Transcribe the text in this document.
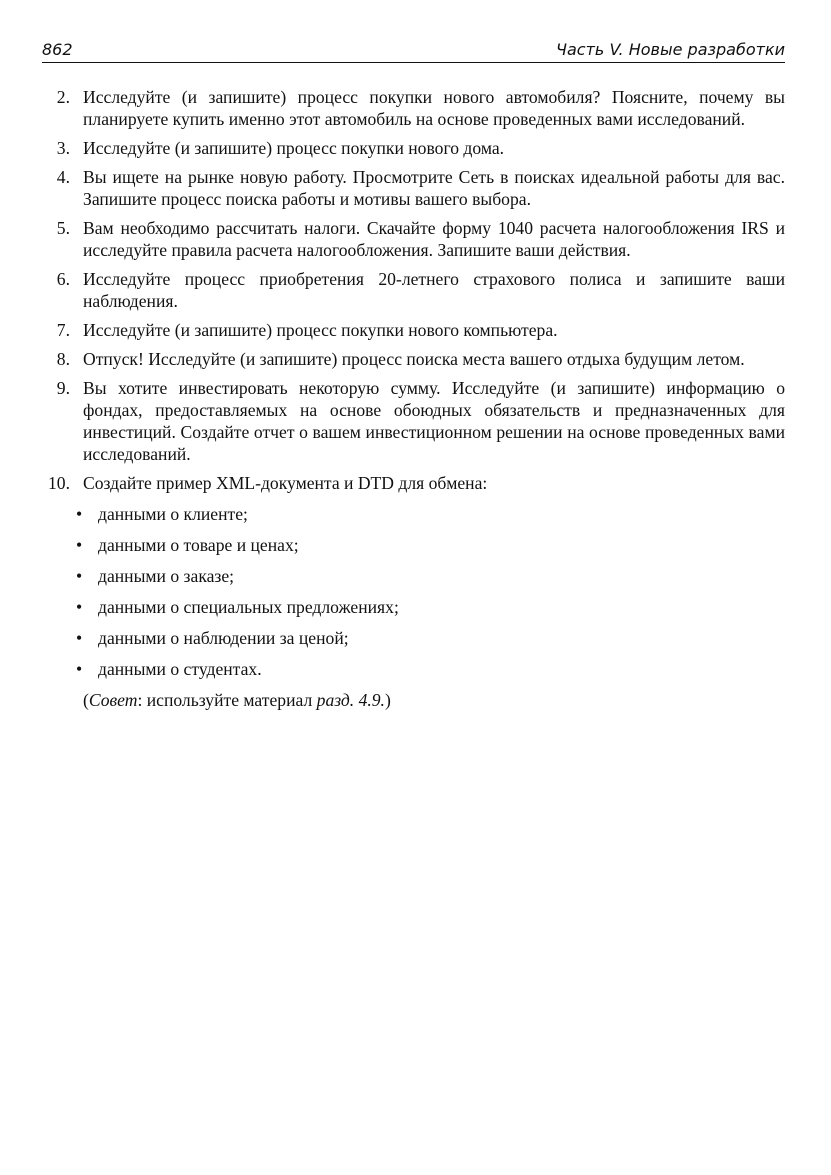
862	Часть V. Новые разработки
2. Исследуйте (и запишите) процесс покупки нового автомобиля? Поясните, почему вы планируете купить именно этот автомобиль на основе проведенных вами исследований.
3. Исследуйте (и запишите) процесс покупки нового дома.
4. Вы ищете на рынке новую работу. Просмотрите Сеть в поисках идеальной работы для вас. Запишите процесс поиска работы и мотивы вашего выбора.
5. Вам необходимо рассчитать налоги. Скачайте форму 1040 расчета налогообложения IRS и исследуйте правила расчета налогообложения. Запишите ваши действия.
6. Исследуйте процесс приобретения 20-летнего страхового полиса и запишите ваши наблюдения.
7. Исследуйте (и запишите) процесс покупки нового компьютера.
8. Отпуск! Исследуйте (и запишите) процесс поиска места вашего отдыха будущим летом.
9. Вы хотите инвестировать некоторую сумму. Исследуйте (и запишите) информацию о фондах, предоставляемых на основе обоюдных обязательств и предназначенных для инвестиций. Создайте отчет о вашем инвестиционном решении на основе проведенных вами исследований.
10. Создайте пример XML-документа и DTD для обмена:
• данными о клиенте;
• данными о товаре и ценах;
• данными о заказе;
• данными о специальных предложениях;
• данными о наблюдении за ценой;
• данными о студентах.
(Совет: используйте материал разд. 4.9.)
